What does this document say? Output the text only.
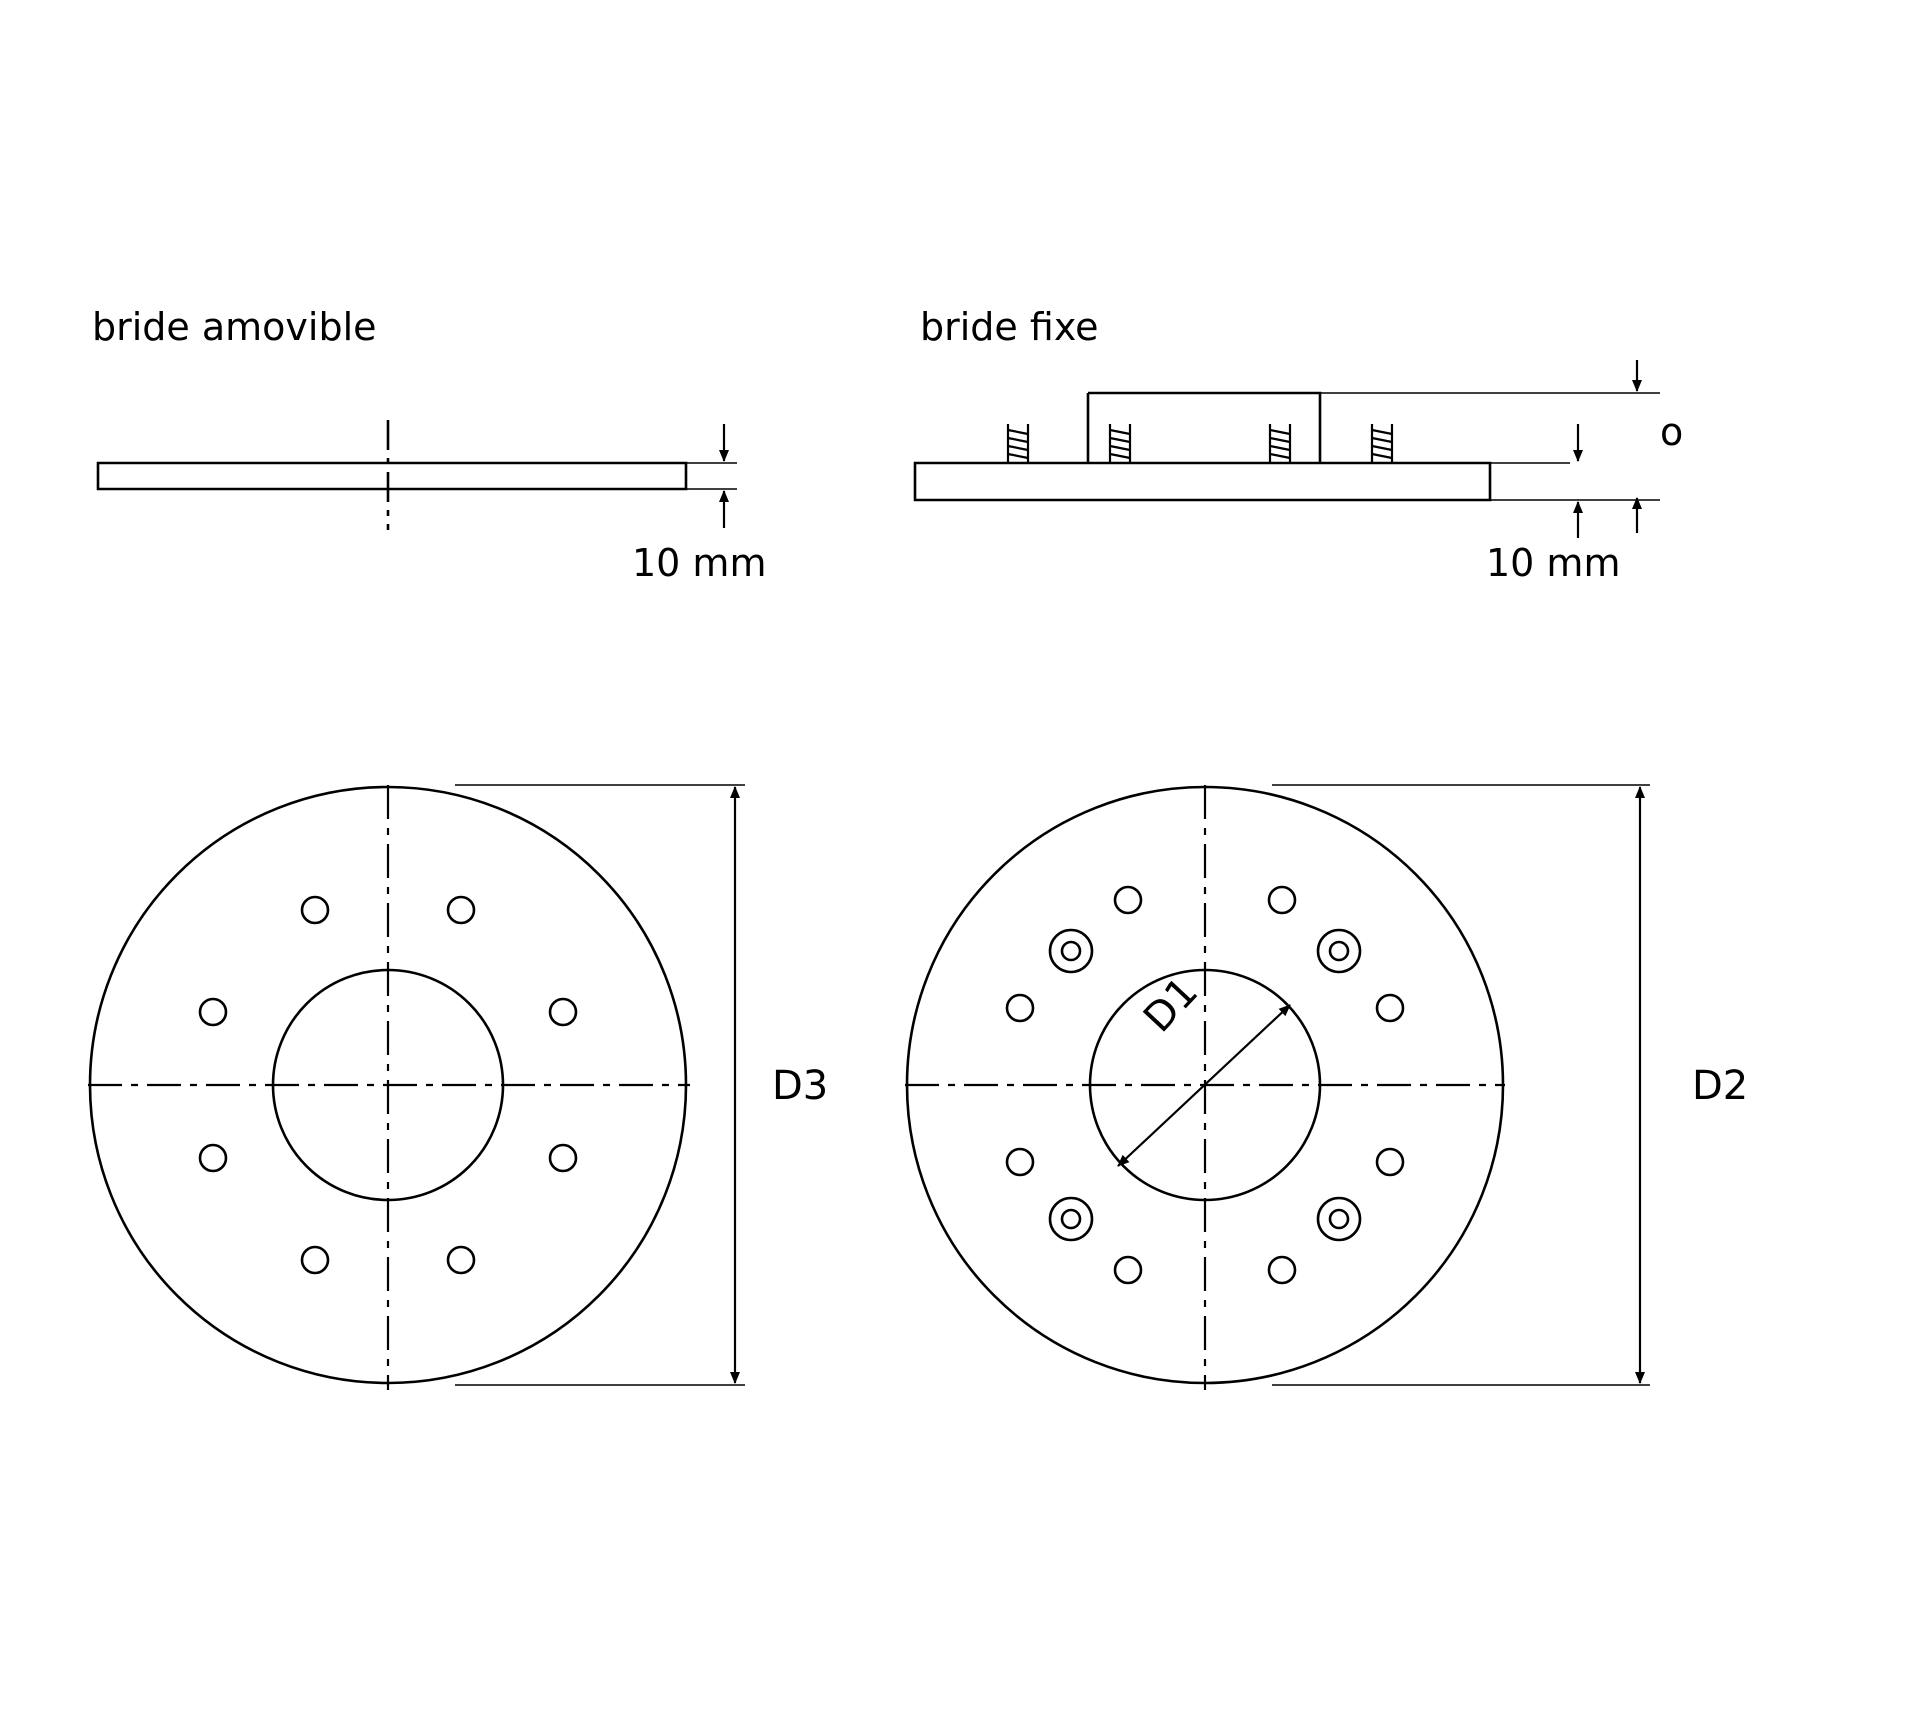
bride amovible	bride fixe
10 mm	10 mm
o
D3	D2
D1
